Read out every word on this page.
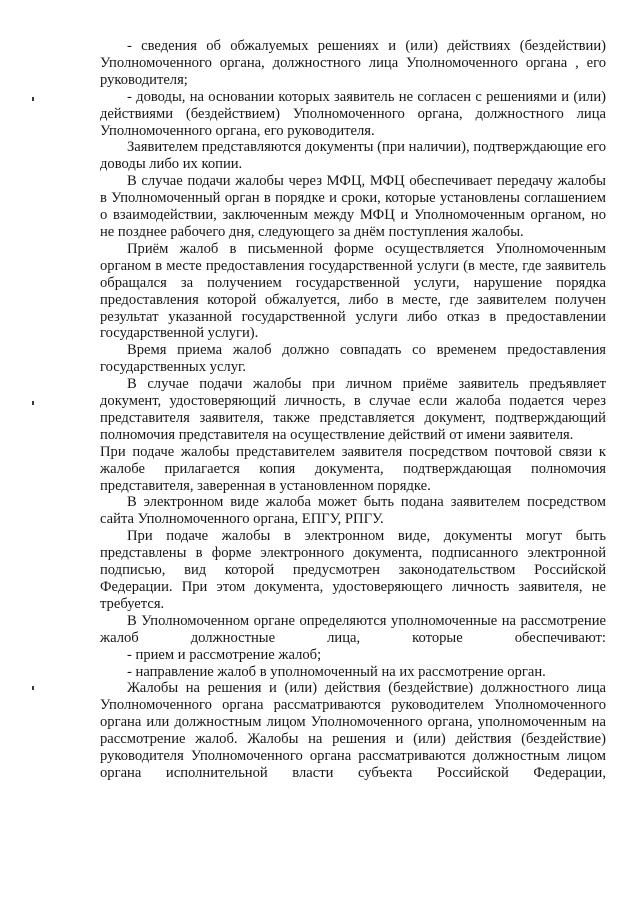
- сведения об обжалуемых решениях и (или) действиях (бездействии) Уполномоченного органа, должностного лица Уполномоченного органа , его руководителя;

- доводы, на основании которых заявитель не согласен с решениями и (или) действиями (бездействием) Уполномоченного органа, должностного лица Уполномоченного органа, его руководителя.

Заявителем представляются документы (при наличии), подтверждающие его доводы либо их копии.

В случае подачи жалобы через МФЦ, МФЦ обеспечивает передачу жалобы в Уполномоченный орган в порядке и сроки, которые установлены соглашением о взаимодействии, заключенным между МФЦ и Уполномоченным органом, но не позднее рабочего дня, следующего за днём поступления жалобы.

Приём жалоб в письменной форме осуществляется Уполномоченным органом в месте предоставления государственной услуги (в месте, где заявитель обращался за получением государственной услуги, нарушение порядка предоставления которой обжалуется, либо в месте, где заявителем получен результат указанной государственной услуги либо отказ в предоставлении государственной услуги).

Время приема жалоб должно совпадать со временем предоставления государственных услуг.

В случае подачи жалобы при личном приёме заявитель предъявляет документ, удостоверяющий личность, в случае если жалоба подается через представителя заявителя, также представляется документ, подтверждающий полномочия представителя на осуществление действий от имени заявителя.

При подаче жалобы представителем заявителя посредством почтовой связи к жалобе прилагается копия документа, подтверждающая полномочия представителя, заверенная в установленном порядке.

В электронном виде жалоба может быть подана заявителем посредством сайта Уполномоченного органа, ЕПГУ, РПГУ.

При подаче жалобы в электронном виде, документы могут быть представлены в форме электронного документа, подписанного электронной подписью, вид которой предусмотрен законодательством Российской Федерации. При этом документа, удостоверяющего личность заявителя, не требуется.

В Уполномоченном органе определяются уполномоченные на рассмотрение жалоб должностные лица, которые обеспечивают:

- прием и рассмотрение жалоб;

- направление жалоб в уполномоченный на их рассмотрение орган.

Жалобы на решения и (или) действия (бездействие) должностного лица Уполномоченного органа рассматриваются руководителем Уполномоченного органа или должностным лицом Уполномоченного органа, уполномоченным на рассмотрение жалоб. Жалобы на решения и (или) действия (бездействие) руководителя Уполномоченного органа рассматриваются должностным лицом органа исполнительной власти субъекта Российской Федерации,
